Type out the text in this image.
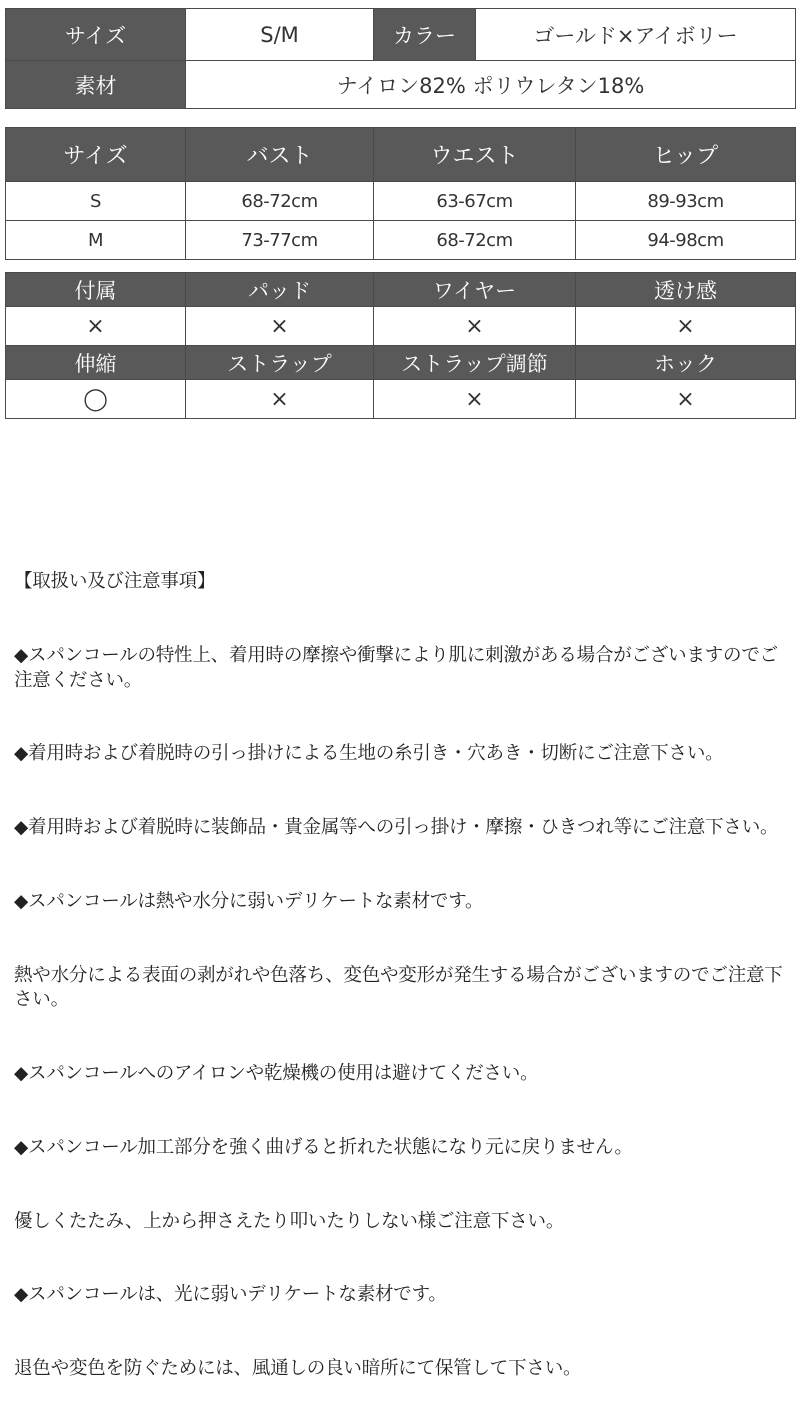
サイズ	S/M	カラー	ゴールド×アイボリー
素材	ナイロン82% ポリウレタン18%		
サイズ	バスト	ウエスト	ヒップ
S	68-72cm	63-67cm	89-93cm
M	73-77cm	68-72cm	94-98cm
付属	パッド	ワイヤー	透け感
×	×	×	×
伸縮	ストラップ	ストラップ調節	ホック
◯	×	×	×

【取扱い及び注意事項】

◆スパンコールの特性上、着用時の摩擦や衝撃により肌に刺激がある場合がございますのでご注意ください。

◆着用時および着脱時の引っ掛けによる生地の糸引き・穴あき・切断にご注意下さい。

◆着用時および着脱時に装飾品・貴金属等への引っ掛け・摩擦・ひきつれ等にご注意下さい。

◆スパンコールは熱や水分に弱いデリケートな素材です。

熱や水分による表面の剥がれや色落ち、変色や変形が発生する場合がございますのでご注意下さい。

◆スパンコールへのアイロンや乾燥機の使用は避けてください。

◆スパンコール加工部分を強く曲げると折れた状態になり元に戻りません。

優しくたたみ、上から押さえたり叩いたりしない様ご注意下さい。

◆スパンコールは、光に弱いデリケートな素材です。

退色や変色を防ぐためには、風通しの良い暗所にて保管して下さい。
